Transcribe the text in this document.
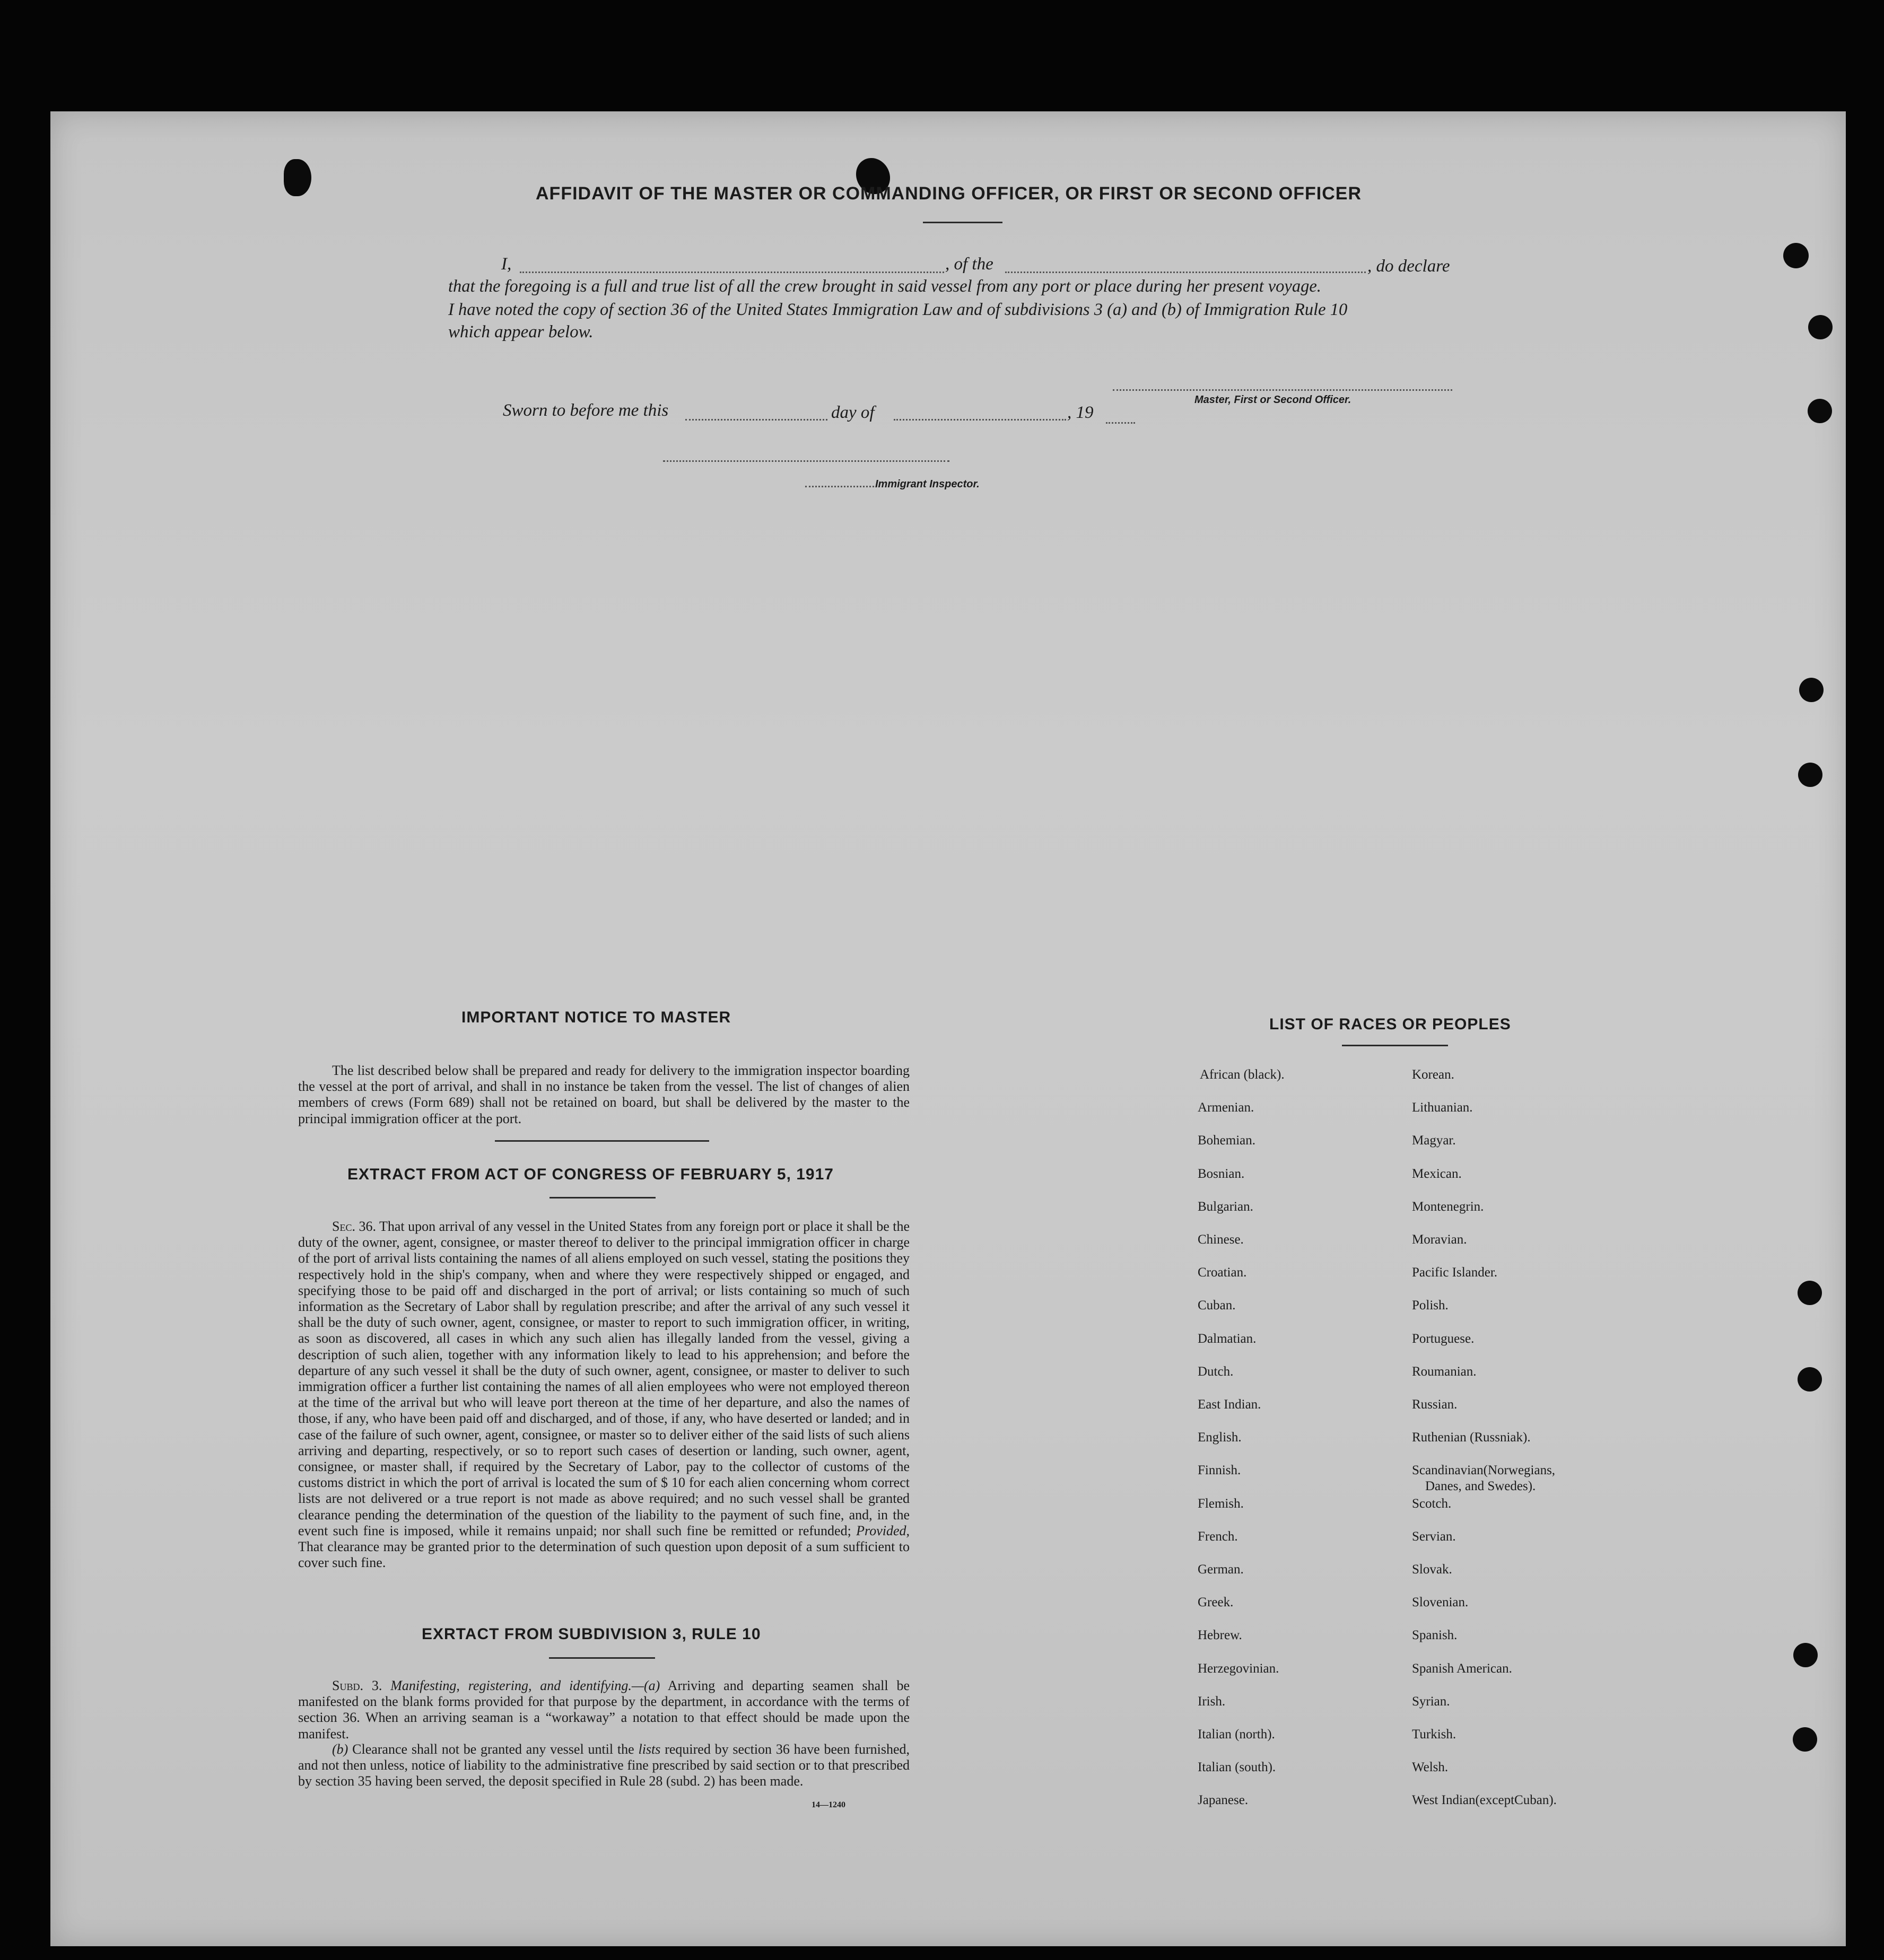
AFFIDAVIT OF THE MASTER OR COMMANDING OFFICER, OR FIRST OR SECOND OFFICER
I,	, of the	, do declare
that the foregoing is a full and true list of all the crew brought in said vessel from any port or place during her present voyage.
I have noted the copy of section 36 of the United States Immigration Law and of subdivisions 3 (a) and (b) of Immigration Rule 10
which appear below.
Master, First or Second Officer.
Sworn to before me this	day of	, 19
Immigrant Inspector.
IMPORTANT NOTICE TO MASTER
The list described below shall be prepared and ready for delivery to the immigration inspector boarding the vessel at the port of arrival, and shall in no instance be taken from the vessel. The list of changes of alien members of crews (Form 689) shall not be retained on board, but shall be delivered by the master to the principal immigration officer at the port.
EXTRACT FROM ACT OF CONGRESS OF FEBRUARY 5, 1917
Sec. 36. That upon arrival of any vessel in the United States from any foreign port or place it shall be the duty of the owner, agent, consignee, or master thereof to deliver to the principal immigration officer in charge of the port of arrival lists containing the names of all aliens employed on such vessel, stating the positions they respectively hold in the ship's company, when and where they were respectively shipped or engaged, and specifying those to be paid off and discharged in the port of arrival; or lists containing so much of such information as the Secretary of Labor shall by regulation prescribe; and after the arrival of any such vessel it shall be the duty of such owner, agent, consignee, or master to report to such immigration officer, in writing, as soon as discovered, all cases in which any such alien has illegally landed from the vessel, giving a description of such alien, together with any information likely to lead to his apprehension; and before the departure of any such vessel it shall be the duty of such owner, agent, consignee, or master to deliver to such immigration officer a further list containing the names of all alien employees who were not employed thereon at the time of the arrival but who will leave port thereon at the time of her departure, and also the names of those, if any, who have been paid off and discharged, and of those, if any, who have deserted or landed; and in case of the failure of such owner, agent, consignee, or master so to deliver either of the said lists of such aliens arriving and departing, respectively, or so to report such cases of desertion or landing, such owner, agent, consignee, or master shall, if required by the Secretary of Labor, pay to the collector of customs of the customs district in which the port of arrival is located the sum of $ 10 for each alien concerning whom correct lists are not delivered or a true report is not made as above required; and no such vessel shall be granted clearance pending the determination of the question of the liability to the payment of such fine, and, in the event such fine is imposed, while it remains unpaid; nor shall such fine be remitted or refunded; Provided, That clearance may be granted prior to the determination of such question upon deposit of a sum sufficient to cover such fine.
EXRTACT FROM SUBDIVISION 3, RULE 10
Subd. 3. Manifesting, registering, and identifying.—(a) Arriving and departing seamen shall be manifested on the blank forms provided for that purpose by the department, in accordance with the terms of section 36. When an arriving seaman is a “workaway” a notation to that effect should be made upon the manifest.
(b) Clearance shall not be granted any vessel until the lists required by section 36 have been furnished, and not then unless, notice of liability to the administrative fine prescribed by said section or to that prescribed by section 35 having been served, the deposit specified in Rule 28 (subd. 2) has been made.
14—1240
LIST OF RACES OR PEOPLES
African (black).
Armenian.
Bohemian.
Bosnian.
Bulgarian.
Chinese.
Croatian.
Cuban.
Dalmatian.
Dutch.
East Indian.
English.
Finnish.
Flemish.
French.
German.
Greek.
Hebrew.
Herzegovinian.
Irish.
Italian (north).
Italian (south).
Japanese.
Korean.
Lithuanian.
Magyar.
Mexican.
Montenegrin.
Moravian.
Pacific Islander.
Polish.
Portuguese.
Roumanian.
Russian.
Ruthenian (Russniak).
Scandinavian(Norwegians,
Danes, and Swedes).
Scotch.
Servian.
Slovak.
Slovenian.
Spanish.
Spanish American.
Syrian.
Turkish.
Welsh.
West Indian(exceptCuban).
